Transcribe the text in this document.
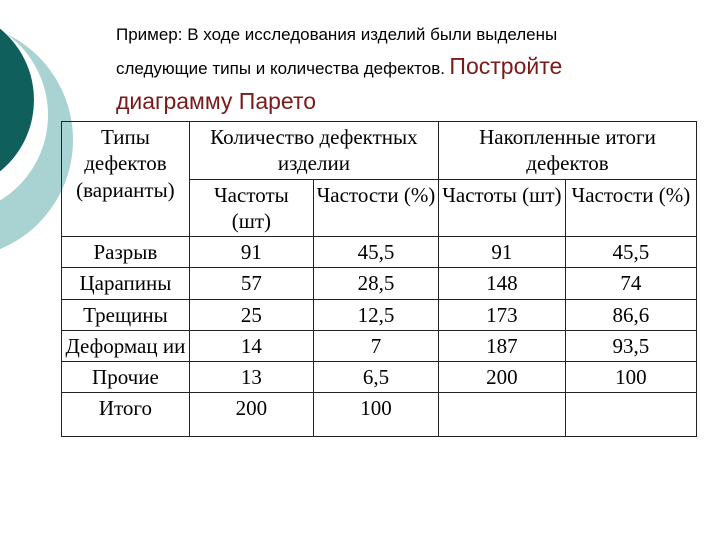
Пример: В ходе исследования изделий были выделены
следующие типы и количества дефектов. Постройте
диаграмму Парето
Типы дефектов (варианты)	Количество дефектных изделии		Накопленные итоги дефектов	
	Частоты (шт)	Частости (%)	Частоты (шт)	Частости (%)
Разрыв	91	45,5	91	45,5
Царапины	57	28,5	148	74
Трещины	25	12,5	173	86,6
Деформац ии	14	7	187	93,5
Прочие	13	6,5	200	100
Итого	200	100		
